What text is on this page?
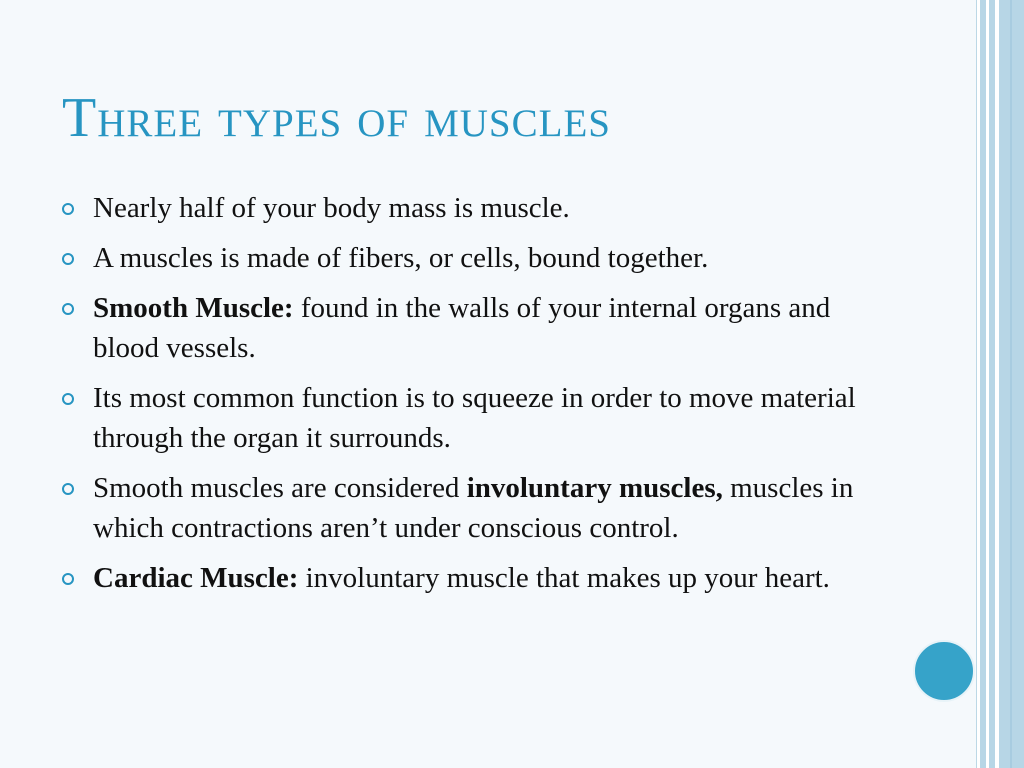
Three types of muscles
Nearly half of your body mass is muscle.
A muscles is made of fibers, or cells, bound together.
Smooth Muscle: found in the walls of your internal organs and blood vessels.
Its most common function is to squeeze in order to move material through the organ it surrounds.
Smooth muscles are considered involuntary muscles, muscles in which contractions aren’t under conscious control.
Cardiac Muscle: involuntary muscle that makes up your heart.
